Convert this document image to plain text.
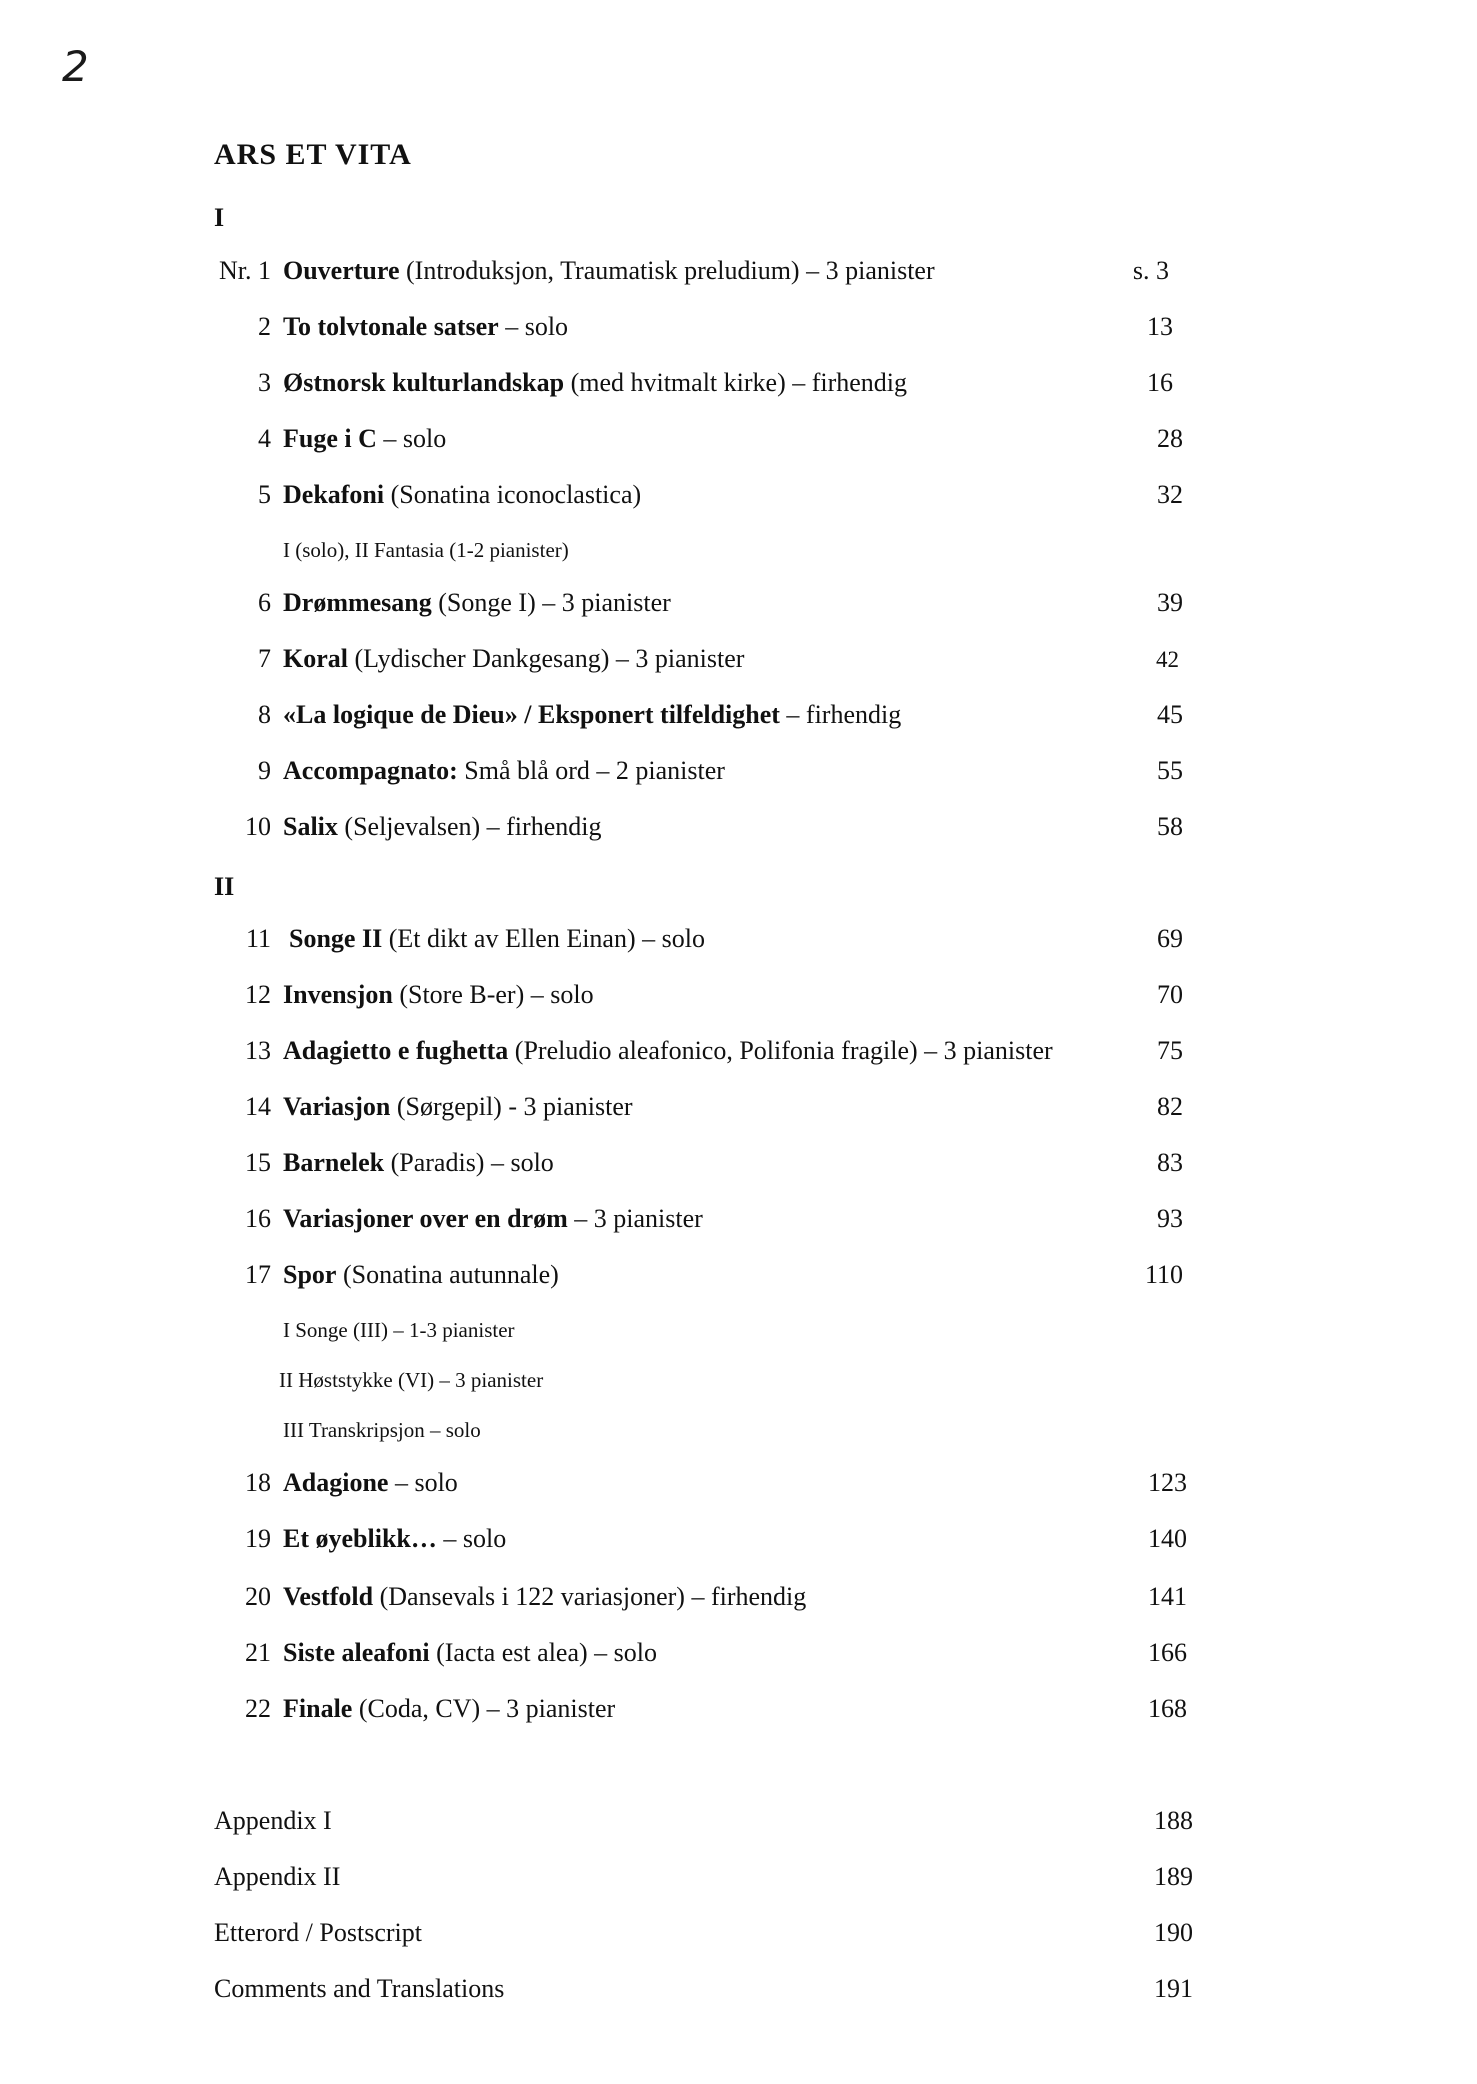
2
ARS ET VITA
I
Nr. 1 Ouverture (Introduksjon, Traumatisk preludium) – 3 pianister	s. 3
2 To tolvtonale satser – solo	13
3 Østnorsk kulturlandskap (med hvitmalt kirke) – firhendig	16
4 Fuge i C – solo	28
5 Dekafoni (Sonatina iconoclastica)	32
I (solo), II Fantasia (1-2 pianister)
6 Drømmesang (Songe I) – 3 pianister	39
7 Koral (Lydischer Dankgesang) – 3 pianister	42
8 «La logique de Dieu» / Eksponert tilfeldighet – firhendig	45
9 Accompagnato: Små blå ord – 2 pianister	55
10 Salix (Seljevalsen) – firhendig	58
II
11 Songe II (Et dikt av Ellen Einan) – solo	69
12 Invensjon (Store B-er) – solo	70
13 Adagietto e fughetta (Preludio aleafonico, Polifonia fragile) – 3 pianister	75
14 Variasjon (Sørgepil) - 3 pianister	82
15 Barnelek (Paradis) – solo	83
16 Variasjoner over en drøm – 3 pianister	93
17 Spor (Sonatina autunnale)	110
I Songe (III) – 1-3 pianister
II Høststykke (VI) – 3 pianister
III Transkripsjon – solo
18 Adagione – solo	123
19 Et øyeblikk… – solo	140
20 Vestfold (Dansevals i 122 variasjoner) – firhendig	141
21 Siste aleafoni (Iacta est alea) – solo	166
22 Finale (Coda, CV) – 3 pianister	168
Appendix I	188
Appendix II	189
Etterord / Postscript	190
Comments and Translations	191
